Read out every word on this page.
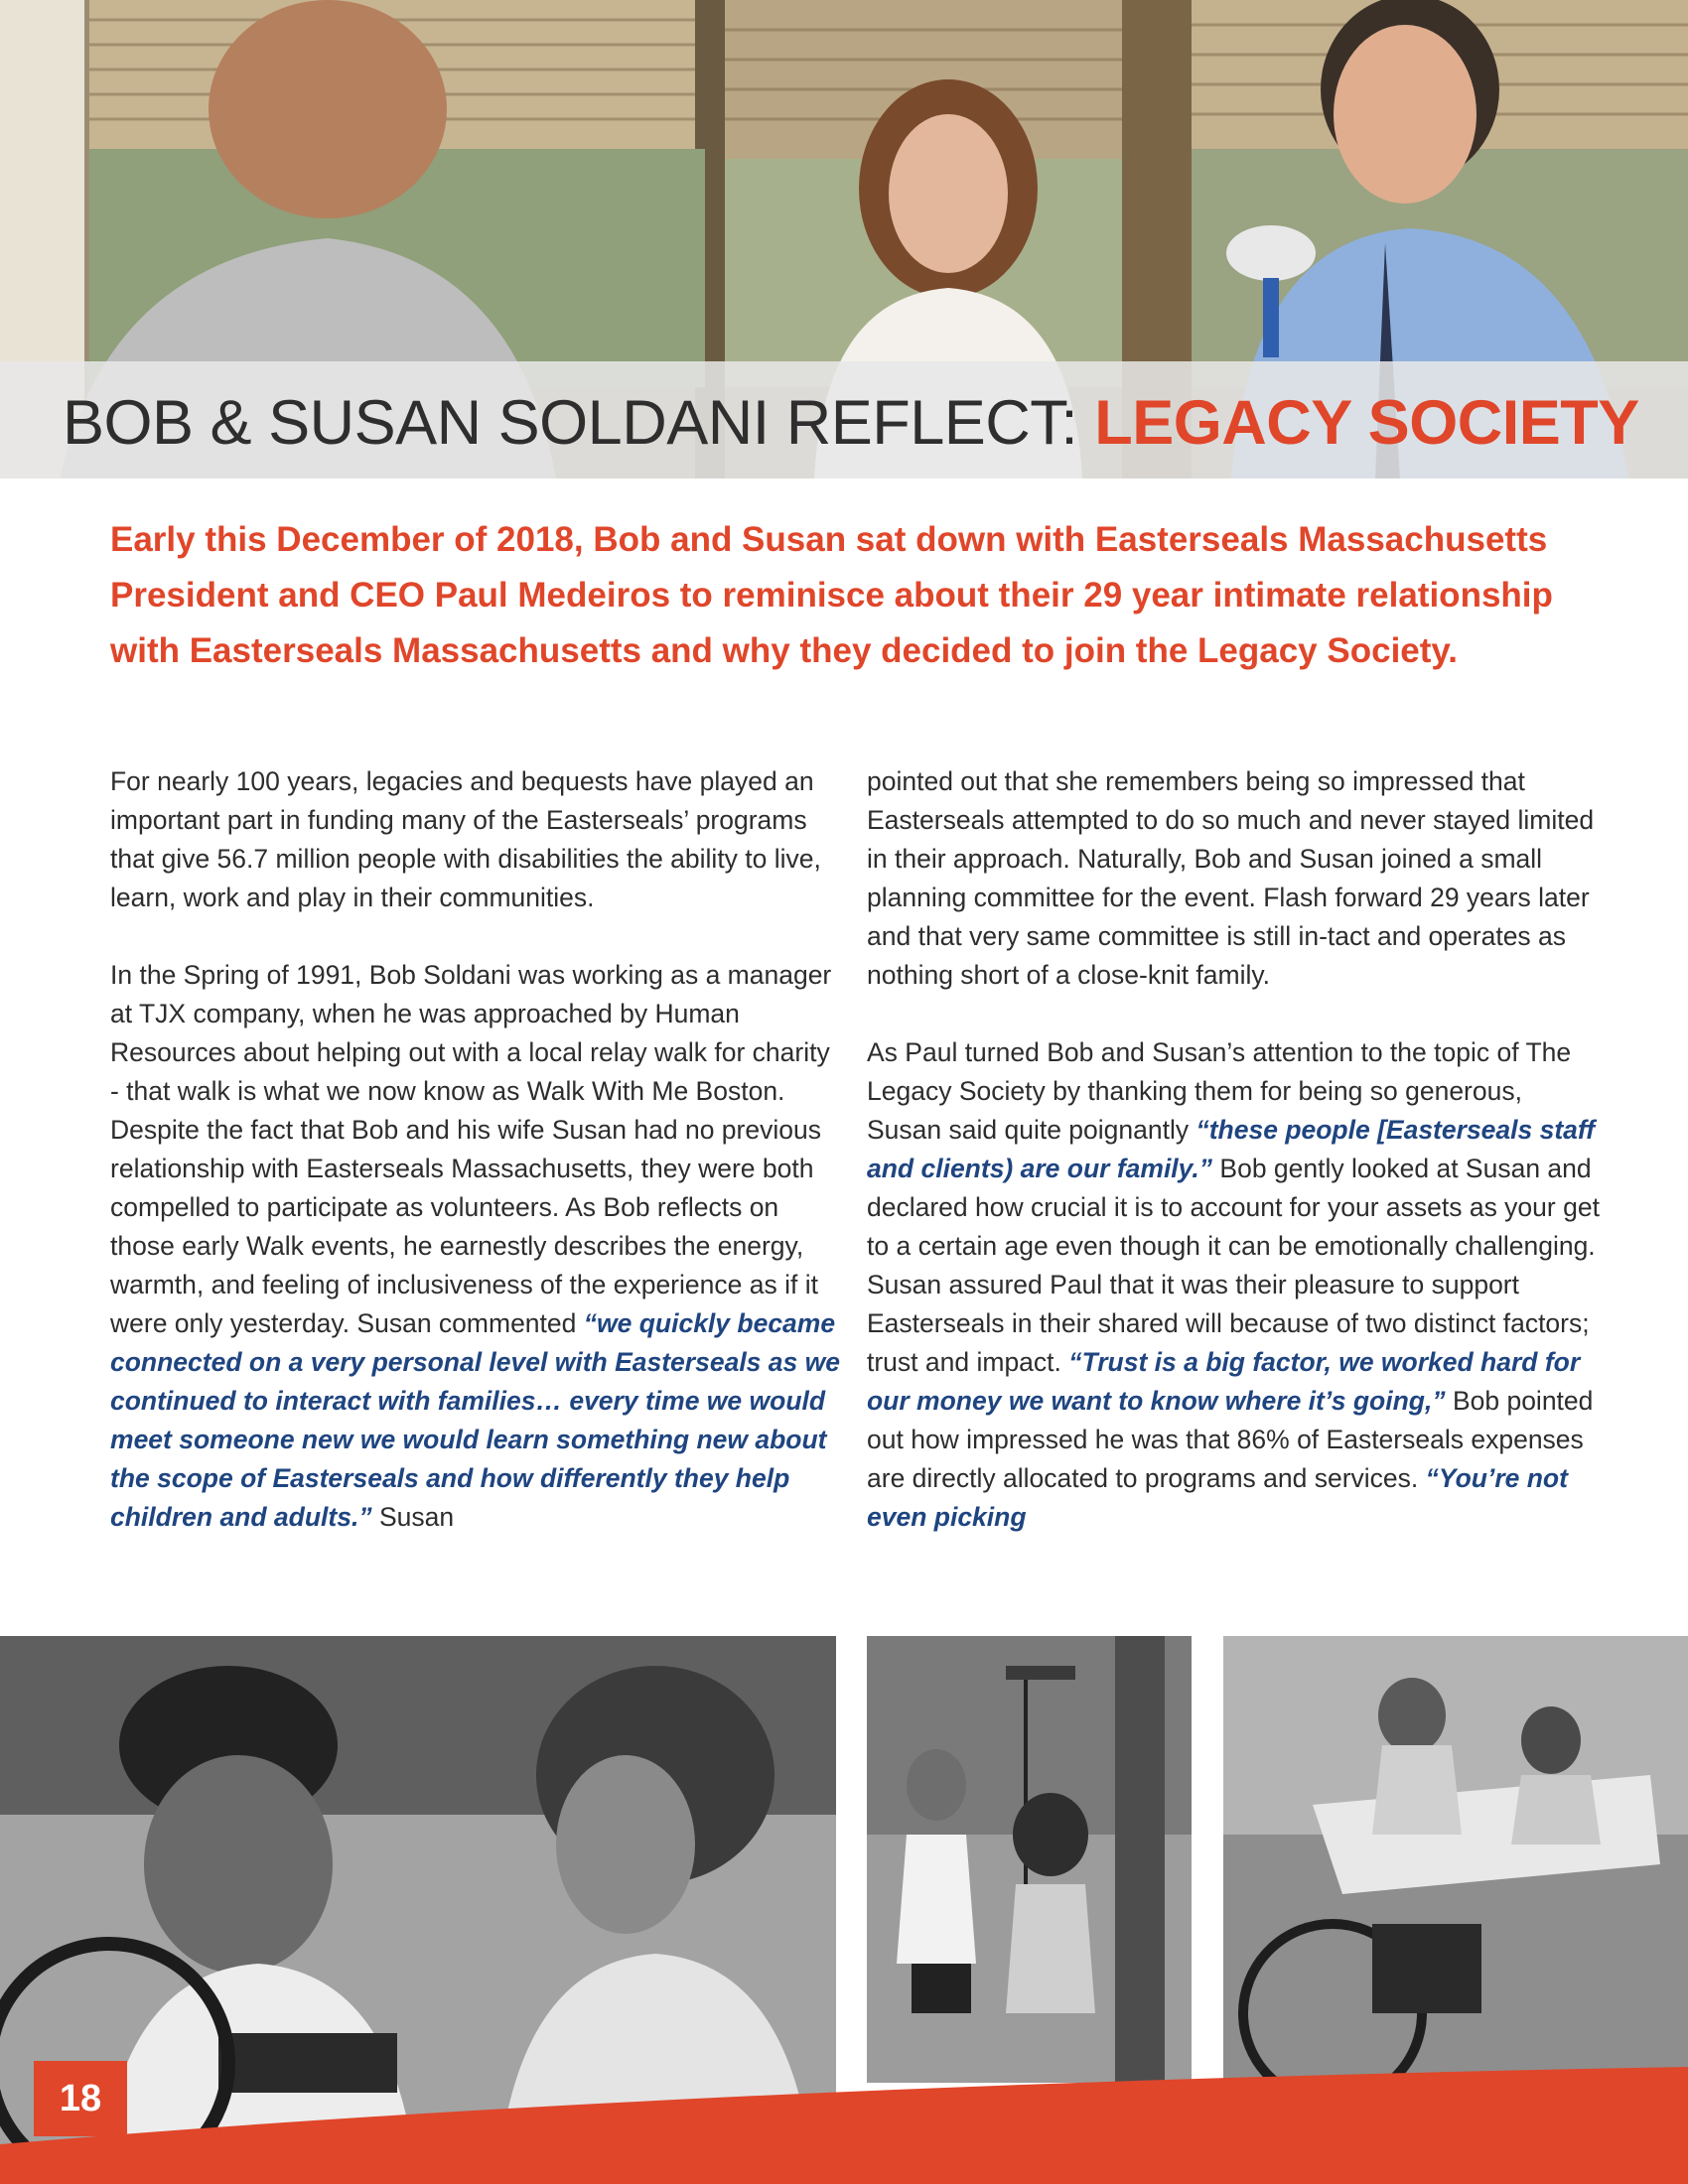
BOB & SUSAN SOLDANI REFLECT: LEGACY SOCIETY
Early this December of 2018, Bob and Susan sat down with Easterseals Massachusetts President and CEO Paul Medeiros to reminisce about their 29 year intimate relationship with Easterseals Massachusetts and why they decided to join the Legacy Society.

For nearly 100 years, legacies and bequests have played an important part in funding many of the Easterseals’ programs that give 56.7 million people with disabilities the ability to live, learn, work and play in their communities.

In the Spring of 1991, Bob Soldani was working as a manager at TJX company, when he was approached by Human Resources about helping out with a local relay walk for charity - that walk is what we now know as Walk With Me Boston. Despite the fact that Bob and his wife Susan had no previous relationship with Easterseals Massachusetts, they were both compelled to participate as volunteers. As Bob reflects on those early Walk events, he earnestly describes the energy, warmth, and feeling of inclusiveness of the experience as if it were only yesterday. Susan commented “we quickly became connected on a very personal level with Easterseals as we continued to interact with families… every time we would meet someone new we would learn something new about the scope of Easterseals and how differently they help children and adults.” Susan

pointed out that she remembers being so impressed that Easterseals attempted to do so much and never stayed limited in their approach. Naturally, Bob and Susan joined a small planning committee for the event. Flash forward 29 years later and that very same committee is still in-tact and operates as nothing short of a close-knit family.

As Paul turned Bob and Susan’s attention to the topic of The Legacy Society by thanking them for being so generous, Susan said quite poignantly “these people [Easterseals staff and clients) are our family.” Bob gently looked at Susan and declared how crucial it is to account for your assets as your get to a certain age even though it can be emotionally challenging. Susan assured Paul that it was their pleasure to support Easterseals in their shared will because of two distinct factors; trust and impact. “Trust is a big factor, we worked hard for our money we want to know where it’s going,” Bob pointed out how impressed he was that 86% of Easterseals expenses are directly allocated to programs and services. “You’re not even picking

18
